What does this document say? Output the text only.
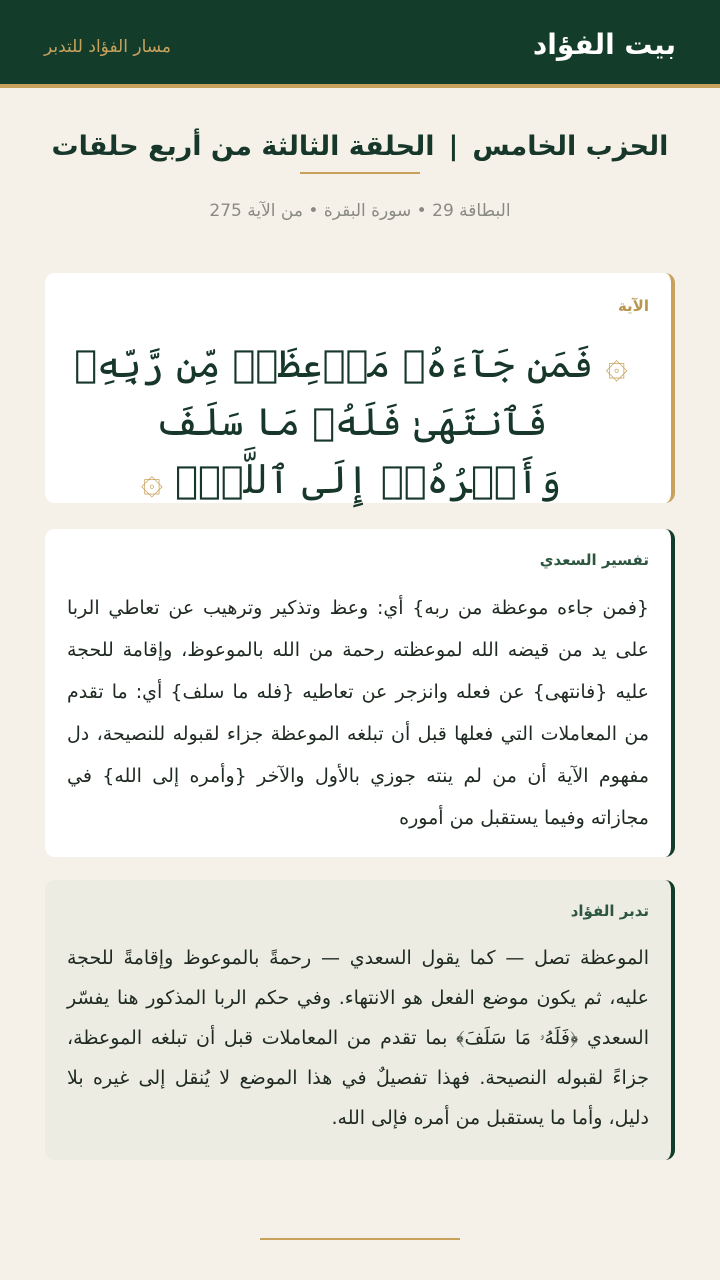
بيت الفؤاد
مسار الفؤاد للتدبر
الحزب الخامس|الحلقة الثالثة من أربع حلقات
البطاقة 29 • سورة البقرة • من الآية 275
الآية
۞ فَمَن جَآءَهُۥ مَوۡعِظَةٞ مِّن رَّبِّهِۦ فَٱنتَهَىٰ فَلَهُۥ مَا سَلَفَ وَأَمۡرُهُۥٓ إِلَى ٱللَّهِۖ ۞
تفسير السعدي
{فمن جاءه موعظة من ربه} أي: وعظ وتذكير وترهيب عن تعاطي الربا على يد من قيضه الله لموعظته رحمة من الله بالموعوظ، وإقامة للحجة عليه {فانتهى} عن فعله وانزجر عن تعاطيه {فله ما سلف} أي: ما تقدم من المعاملات التي فعلها قبل أن تبلغه الموعظة جزاء لقبوله للنصيحة، دل مفهوم الآية أن من لم ينته جوزي بالأول والآخر {وأمره إلى الله} في مجازاته وفيما يستقبل من أموره
تدبر الفؤاد
الموعظة تصل — كما يقول السعدي — رحمةً بالموعوظ وإقامةً للحجة عليه، ثم يكون موضع الفعل هو الانتهاء. وفي حكم الربا المذكور هنا يفسّر السعدي ﴿فَلَهُۥ مَا سَلَفَ﴾ بما تقدم من المعاملات قبل أن تبلغه الموعظة، جزاءً لقبوله النصيحة. فهذا تفصيلٌ في هذا الموضع لا يُنقل إلى غيره بلا دليل، وأما ما يستقبل من أمره فإلى الله.
